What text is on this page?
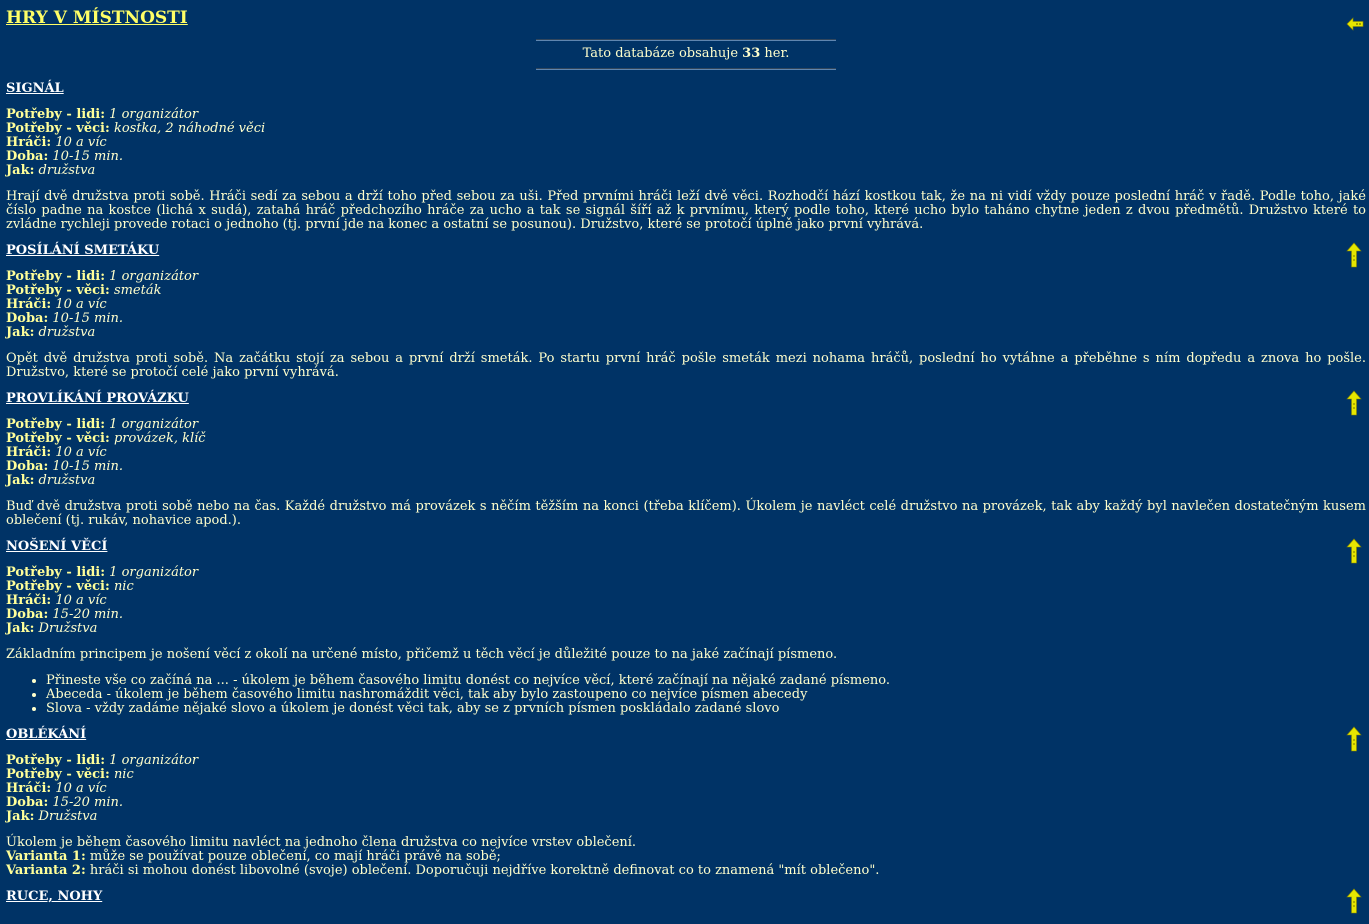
HRY V MÍSTNOSTI
Tato databáze obsahuje 33 her.
SIGNÁL
Potřeby - lidi: 1 organizátor
Potřeby - věci: kostka, 2 náhodné věci
Hráči: 10 a víc
Doba: 10-15 min.
Jak: družstva
Hrají dvě družstva proti sobě. Hráči sedí za sebou a drží toho před sebou za uši. Před prvními hráči leží dvě věci. Rozhodčí hází kostkou tak, že na ni vidí vždy pouze poslední hráč v řadě. Podle toho, jaké číslo padne na kostce (lichá x sudá), zatahá hráč předchozího hráče za ucho a tak se signál šíří až k prvnímu, který podle toho, které ucho bylo taháno chytne jeden z dvou předmětů. Družstvo které to zvládne rychleji provede rotaci o jednoho (tj. první jde na konec a ostatní se posunou). Družstvo, které se protočí úplně jako první vyhrává.
POSÍLÁNÍ SMETÁKU
Potřeby - lidi: 1 organizátor
Potřeby - věci: smeták
Hráči: 10 a víc
Doba: 10-15 min.
Jak: družstva
Opět dvě družstva proti sobě. Na začátku stojí za sebou a první drží smeták. Po startu první hráč pošle smeták mezi nohama hráčů, poslední ho vytáhne a přeběhne s ním dopředu a znova ho pošle. Družstvo, které se protočí celé jako první vyhrává.
PROVLÍKÁNÍ PROVÁZKU
Potřeby - lidi: 1 organizátor
Potřeby - věci: provázek, klíč
Hráči: 10 a víc
Doba: 10-15 min.
Jak: družstva
Buď dvě družstva proti sobě nebo na čas. Každé družstvo má provázek s něčím těžším na konci (třeba klíčem). Úkolem je navléct celé družstvo na provázek, tak aby každý byl navlečen dostatečným kusem oblečení (tj. rukáv, nohavice apod.).
NOŠENÍ VĚCÍ
Potřeby - lidi: 1 organizátor
Potřeby - věci: nic
Hráči: 10 a víc
Doba: 15-20 min.
Jak: Družstva
Základním principem je nošení věcí z okolí na určené místo, přičemž u těch věcí je důležité pouze to na jaké začínají písmeno.
• Přineste vše co začíná na ... - úkolem je během časového limitu donést co nejvíce věcí, které začínají na nějaké zadané písmeno.
• Abeceda - úkolem je během časového limitu nashromáždit věci, tak aby bylo zastoupeno co nejvíce písmen abecedy
• Slova - vždy zadáme nějaké slovo a úkolem je donést věci tak, aby se z prvních písmen poskládalo zadané slovo
OBLÉKÁNÍ
Potřeby - lidi: 1 organizátor
Potřeby - věci: nic
Hráči: 10 a víc
Doba: 15-20 min.
Jak: Družstva
Úkolem je během časového limitu navléct na jednoho člena družstva co nejvíce vrstev oblečení.
Varianta 1: může se používat pouze oblečení, co mají hráči právě na sobě;
Varianta 2: hráči si mohou donést libovolné (svoje) oblečení. Doporučuji nejdříve korektně definovat co to znamená "mít oblečeno".
RUCE, NOHY
